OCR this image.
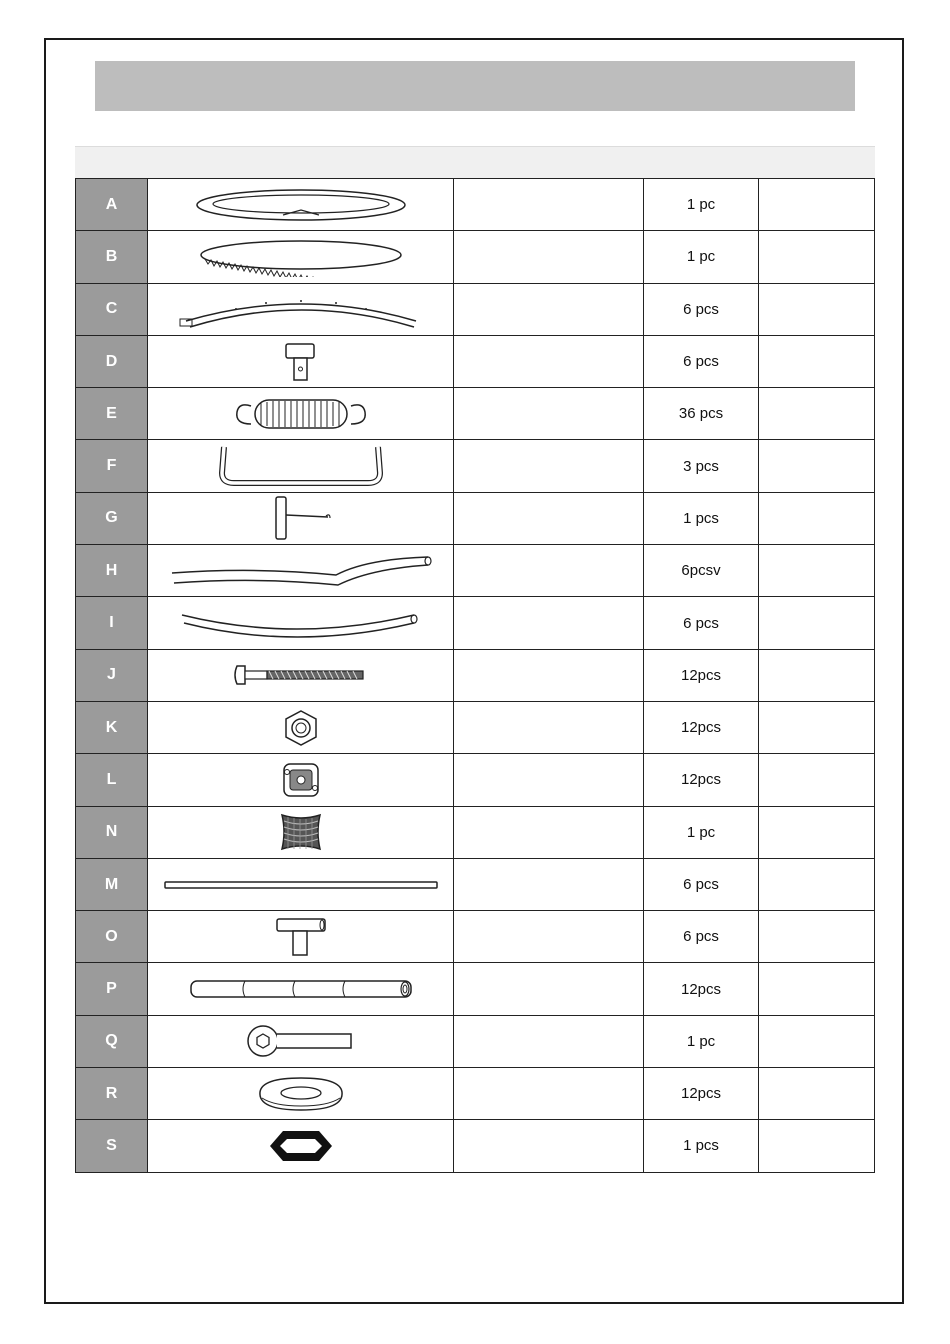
A			1 pc	
B			1 pc	
C			6 pcs	
D			6 pcs	
E			36 pcs	
F			3 pcs	
G			1 pcs	
H			6pcsv	
I			6 pcs	
J			12pcs	
K			12pcs	
L			12pcs	
N			1 pc	
M			6 pcs	
O			6 pcs	
P			12pcs	
Q			1 pc	
R			12pcs	
S			1 pcs	
